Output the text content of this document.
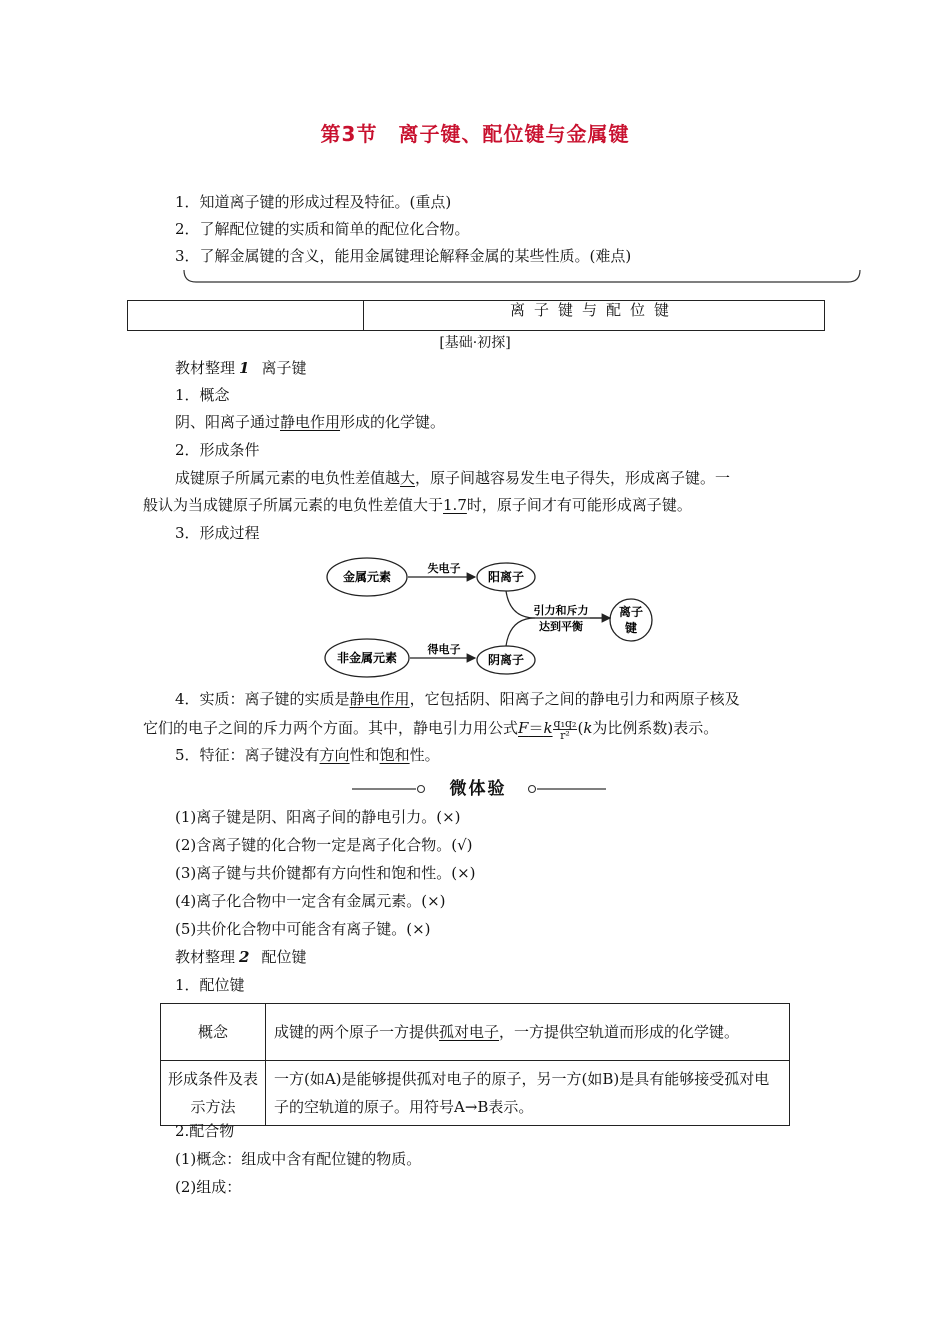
第3节　离子键、配位键与金属键
1．知道离子键的形成过程及特征。(重点)
2．了解配位键的实质和简单的配位化合物。
3．了解金属键的含义，能用金属键理论解释金属的某些性质。(难点)
离子键与配位键
[基础·初探]
教材整理 1 离子键
1．概念
阴、阳离子通过静电作用形成的化学键。
2．形成条件
成键原子所属元素的电负性差值越大，原子间越容易发生电子得失，形成离子键。一
般认为当成键原子所属元素的电负性差值大于1.7时，原子间才有可能形成离子键。
3．形成过程
金属元素
失电子
阳离子
非金属元素
得电子
阴离子
引力和斥力
达到平衡
离子
键
4．实质：离子键的实质是静电作用，它包括阴、阳离子之间的静电引力和两原子核及
它们的电子之间的斥力两个方面。其中，静电引力用公式$F=k \frac{\text{q₁q₂}}{\text{r²}}(k$为比例系数)表示。
5．特征：离子键没有方向性和饱和性。
微体验
(1)离子键是阴、阳离子间的静电引力。(×)
(2)含离子键的化合物一定是离子化合物。(√)
(3)离子键与共价键都有方向性和饱和性。(×)
(4)离子化合物中一定含有金属元素。(×)
(5)共价化合物中可能含有离子键。(×)
教材整理 2 配位键
1．配位键
概念	成键的两个原子一方提供孤对电子，一方提供空轨道而形成的化学键。
形成条件及表示方法	一方(如A)是能够提供孤对电子的原子，另一方(如B)是具有能够接受孤对电子的空轨道的原子。用符号A→B表示。
2.配合物
(1)概念：组成中含有配位键的物质。
(2)组成：
